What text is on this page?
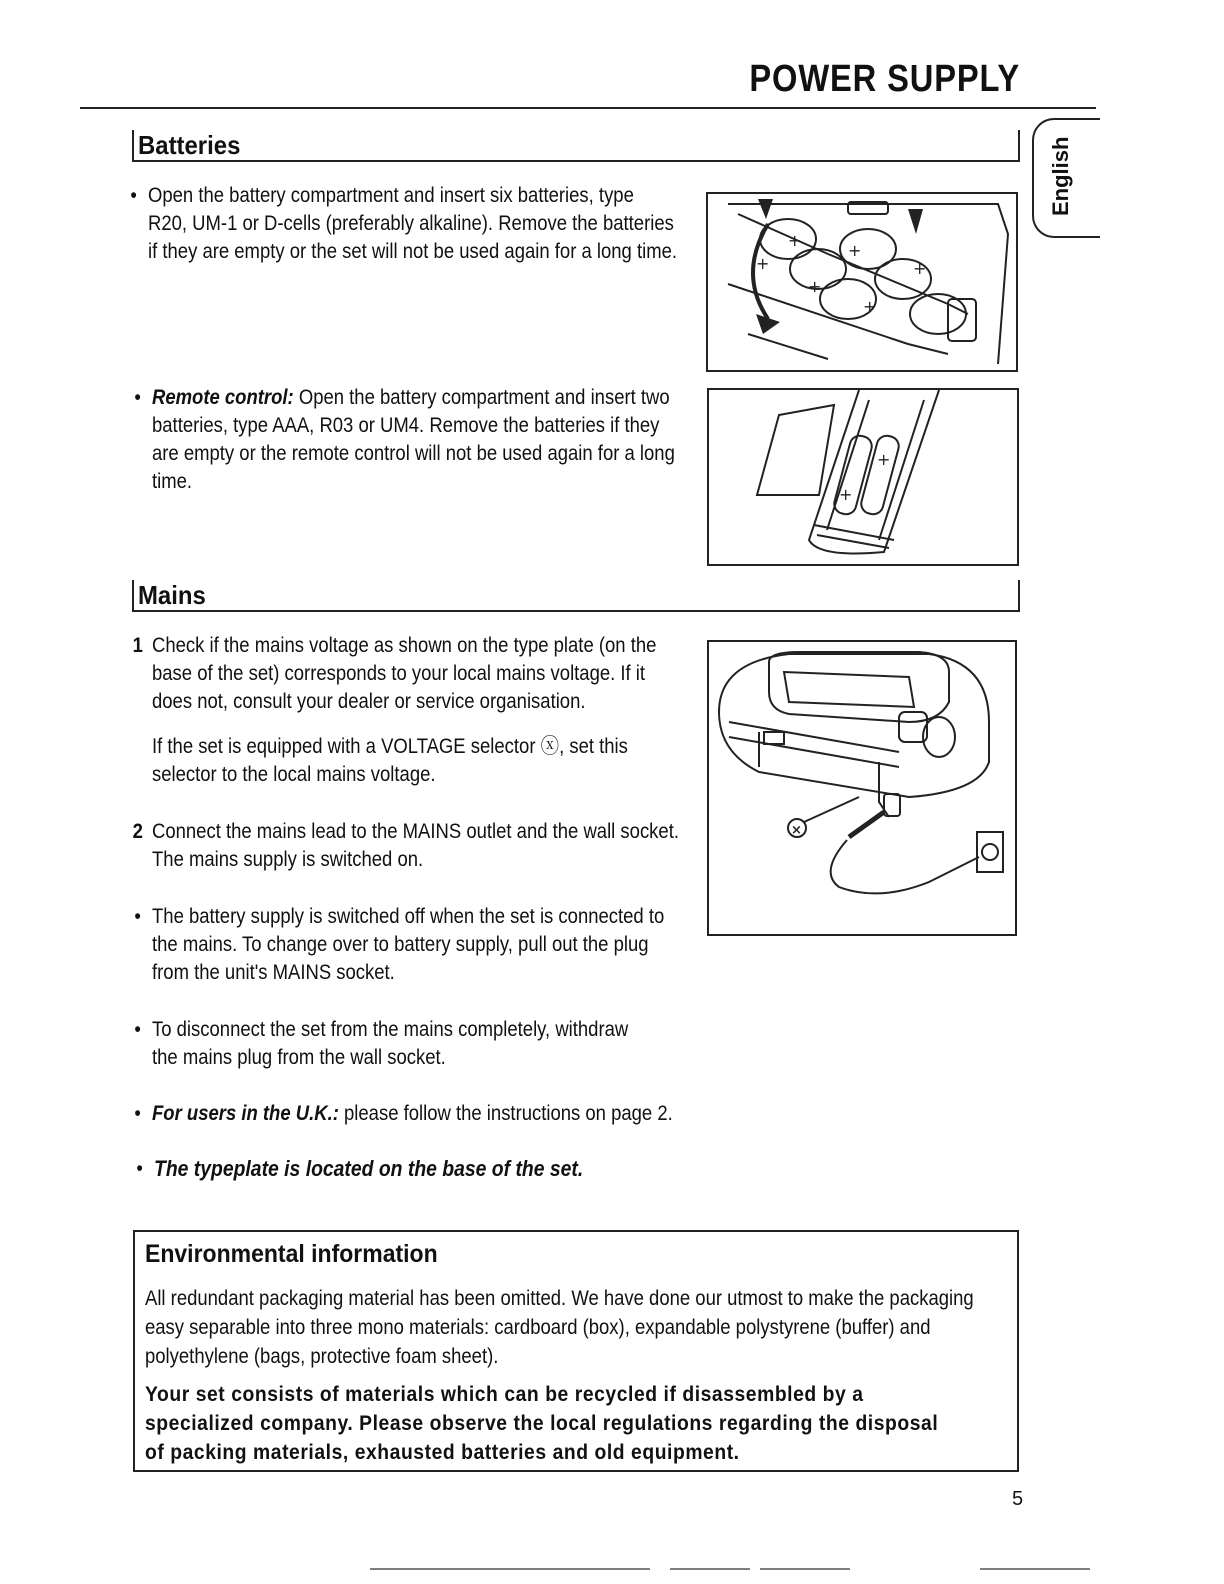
POWER SUPPLY
English
Batteries
• Open the battery compartment and insert six batteries, type
R20, UM-1 or D-cells (preferably alkaline). Remove the batteries
if they are empty or the set will not be used again for a long time.	+
+
+
+
+
+
• Remote control: Open the battery compartment and insert two
batteries, type AAA, R03 or UM4. Remove the batteries if they
are empty or the remote control will not be used again for a long
time.
+
+
Mains
1 Check if the mains voltage as shown on the type plate (on the
base of the set) corresponds to your local mains voltage. If it
does not, consult your dealer or service organisation.
If the set is equipped with a VOLTAGE selector ⓧ, set this
selector to the local mains voltage.
2 Connect the mains lead to the MAINS outlet and the wall socket.
The mains supply is switched on.
×
• The battery supply is switched off when the set is connected to
the mains. To change over to battery supply, pull out the plug
from the unit's MAINS socket.
• To disconnect the set from the mains completely, withdraw
the mains plug from the wall socket.
• For users in the U.K.: please follow the instructions on page 2.
• The typeplate is located on the base of the set.
Environmental information
All redundant packaging material has been omitted. We have done our utmost to make the packaging
easy separable into three mono materials: cardboard (box), expandable polystyrene (buffer) and
polyethylene (bags, protective foam sheet).
Your set consists of materials which can be recycled if disassembled by a
specialized company. Please observe the local regulations regarding the disposal
of packing materials, exhausted batteries and old equipment.
5
